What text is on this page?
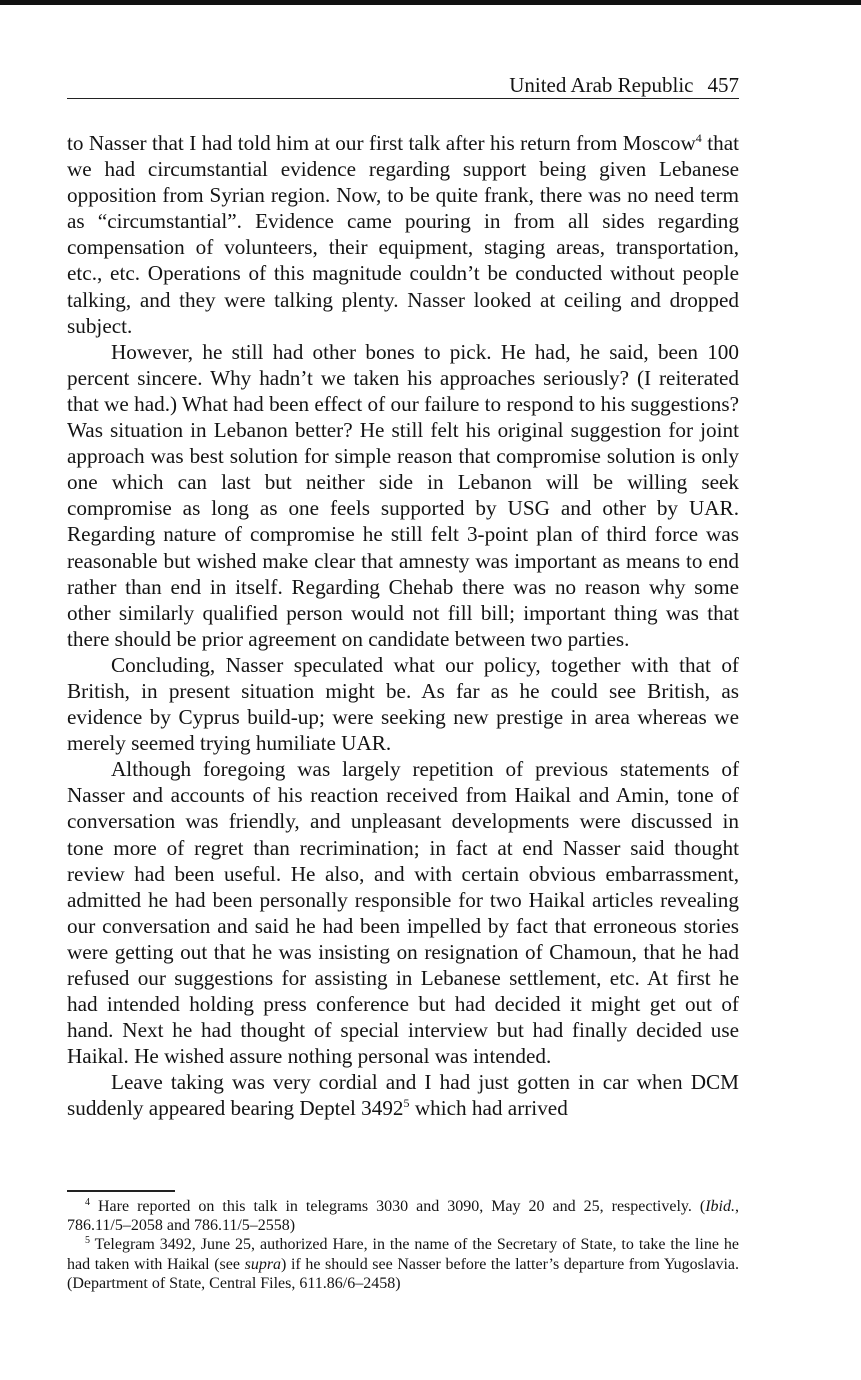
United Arab Republic 457

to Nasser that I had told him at our first talk after his return from Moscow$^4$ that we had circumstantial evidence regarding support being given Lebanese opposition from Syrian region. Now, to be quite frank, there was no need term as “circumstantial”. Evidence came pouring in from all sides regarding compensation of volunteers, their equipment, staging areas, transportation, etc., etc. Operations of this magnitude couldn’t be conducted without people talking, and they were talking plenty. Nasser looked at ceiling and dropped subject.

However, he still had other bones to pick. He had, he said, been 100 percent sincere. Why hadn’t we taken his approaches seriously? (I reiterated that we had.) What had been effect of our failure to respond to his suggestions? Was situation in Lebanon better? He still felt his original suggestion for joint approach was best solution for simple reason that compromise solution is only one which can last but neither side in Lebanon will be willing seek compromise as long as one feels supported by USG and other by UAR. Regarding nature of compromise he still felt 3-point plan of third force was reasonable but wished make clear that amnesty was important as means to end rather than end in itself. Regarding Chehab there was no reason why some other similarly qualified person would not fill bill; important thing was that there should be prior agreement on candidate between two parties.

Concluding, Nasser speculated what our policy, together with that of British, in present situation might be. As far as he could see British, as evidence by Cyprus build-up; were seeking new prestige in area whereas we merely seemed trying humiliate UAR.

Although foregoing was largely repetition of previous statements of Nasser and accounts of his reaction received from Haikal and Amin, tone of conversation was friendly, and unpleasant developments were discussed in tone more of regret than recrimination; in fact at end Nasser said thought review had been useful. He also, and with certain obvious embarrassment, admitted he had been personally responsible for two Haikal articles revealing our conversation and said he had been impelled by fact that erroneous stories were getting out that he was insisting on resignation of Chamoun, that he had refused our suggestions for assisting in Lebanese settlement, etc. At first he had intended holding press conference but had decided it might get out of hand. Next he had thought of special interview but had finally decided use Haikal. He wished assure nothing personal was intended.

Leave taking was very cordial and I had just gotten in car when DCM suddenly appeared bearing Deptel 3492$^5$ which had arrived

$^4$ Hare reported on this talk in telegrams 3030 and 3090, May 20 and 25, respectively. (Ibid., 786.11/5–2058 and 786.11/5–2558)

$^5$ Telegram 3492, June 25, authorized Hare, in the name of the Secretary of State, to take the line he had taken with Haikal (see supra) if he should see Nasser before the latter’s departure from Yugoslavia. (Department of State, Central Files, 611.86/6–2458)
